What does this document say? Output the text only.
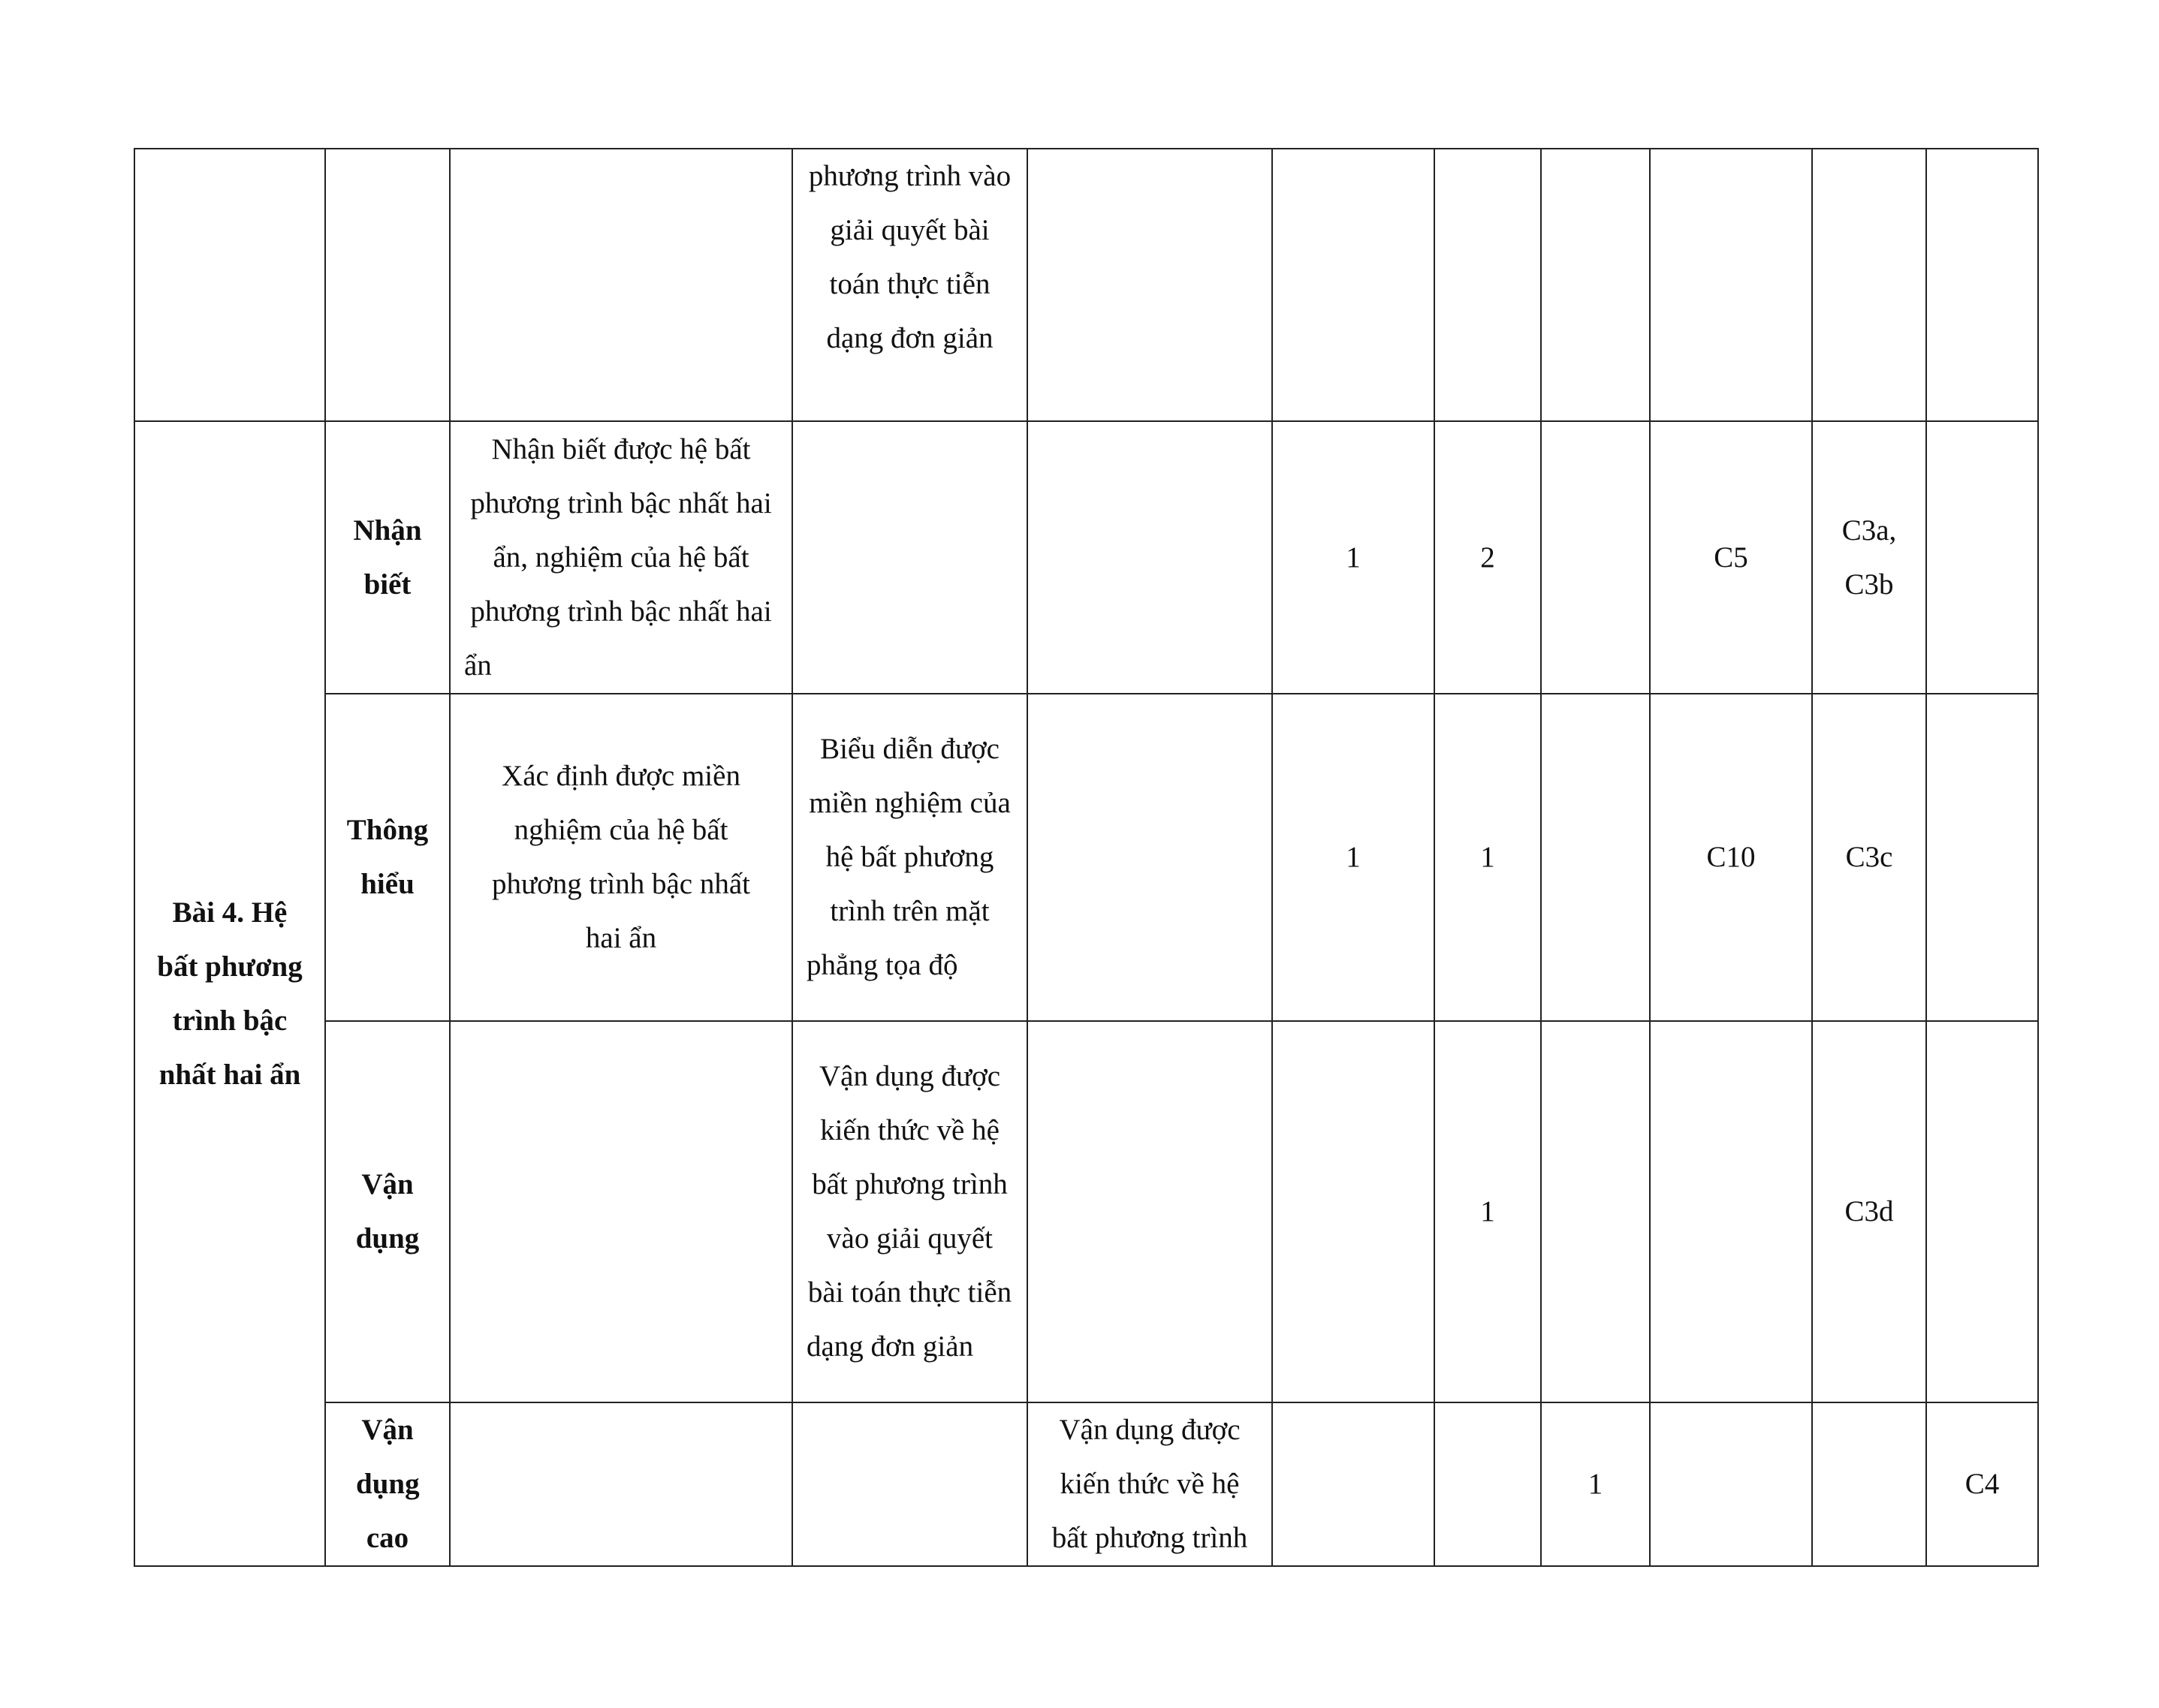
			phương trình vào giải quyết bài toán thực tiễn dạng đơn giản							

Bài 4. Hệ bất phương trình bậc nhất hai ẩn	Nhận biết	Nhận biết được hệ bất phương trình bậc nhất hai ẩn, nghiệm của hệ bất phương trình bậc nhất hai ẩn			1	2		C5	C3a, C3b	

	Thông hiểu	Xác định được miền nghiệm của hệ bất phương trình bậc nhất hai ẩn	Biểu diễn được miền nghiệm của hệ bất phương trình trên mặt phẳng tọa độ		1	1		C10	C3c	

	Vận dụng		Vận dụng được kiến thức về hệ bất phương trình vào giải quyết bài toán thực tiễn dạng đơn giản			1			C3d	

	Vận dụng cao			Vận dụng được kiến thức về hệ bất phương trình			1			C4
